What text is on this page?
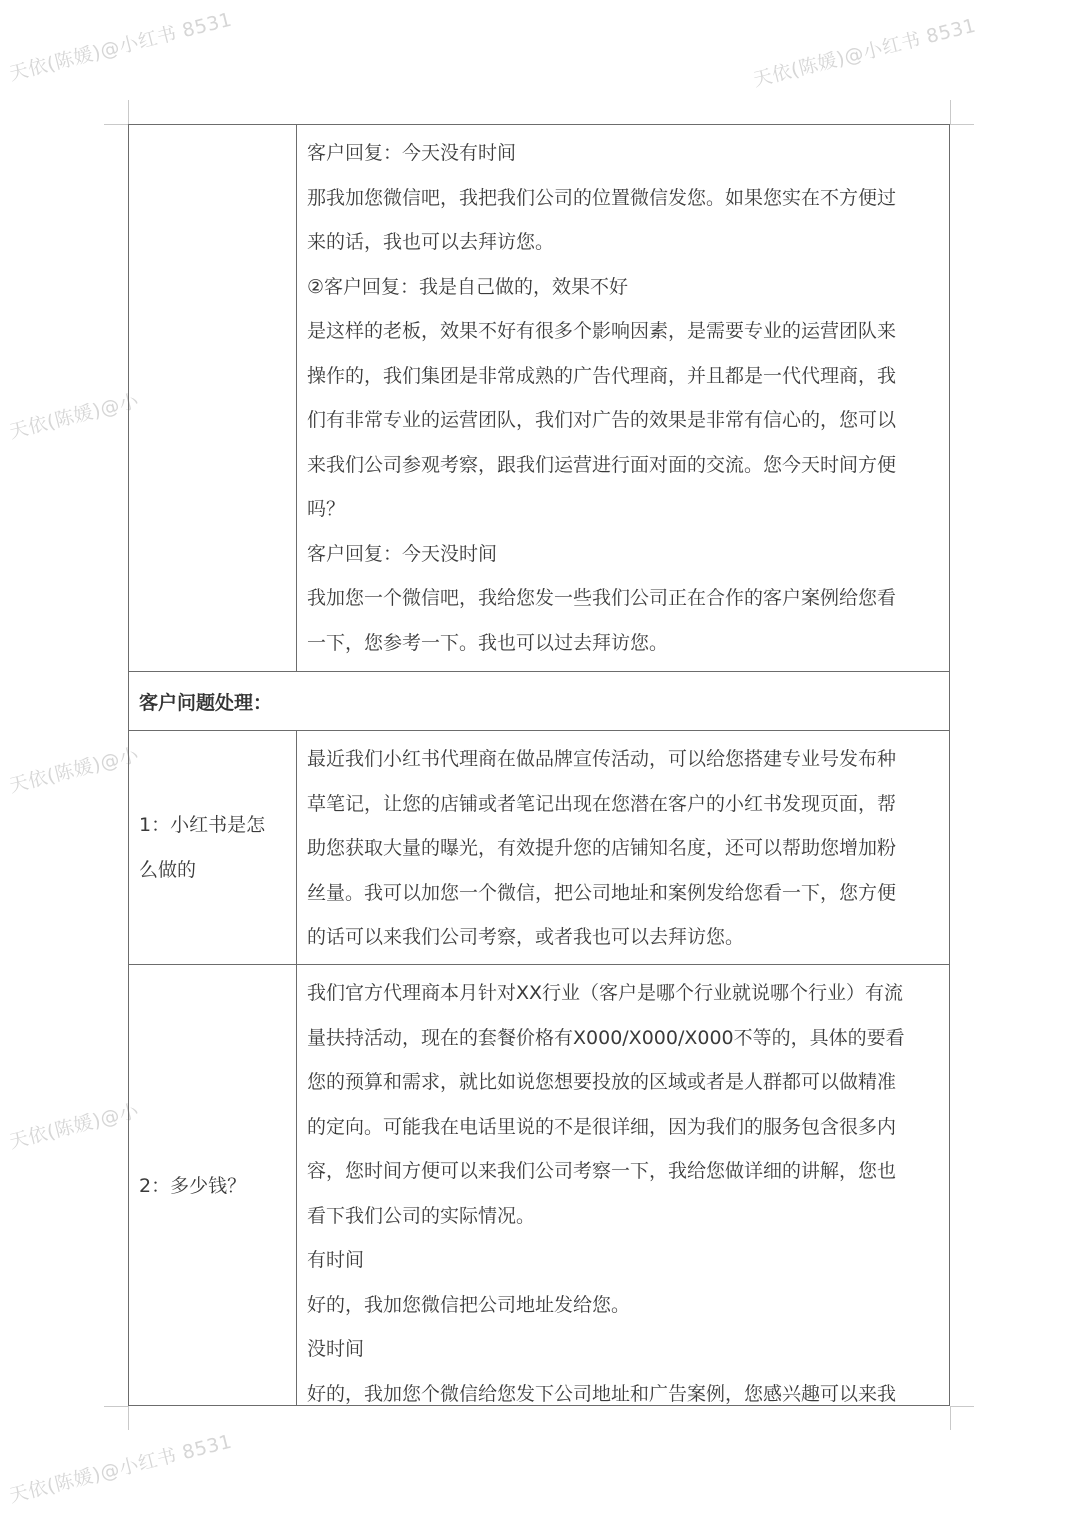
天依(陈媛)@小红书 8531	天依(陈媛)@小红书 8531
天依(陈媛)@小
天依(陈媛)@小
天依(陈媛)@小
天依(陈媛)@小红书 8531
客户回复：今天没有时间
那我加您微信吧，我把我们公司的位置微信发您。如果您实在不方便过
来的话，我也可以去拜访您。
②客户回复：我是自己做的，效果不好
是这样的老板，效果不好有很多个影响因素，是需要专业的运营团队来
操作的，我们集团是非常成熟的广告代理商，并且都是一代代理商，我
们有非常专业的运营团队，我们对广告的效果是非常有信心的，您可以
来我们公司参观考察，跟我们运营进行面对面的交流。您今天时间方便
吗？
客户回复：今天没时间
我加您一个微信吧，我给您发一些我们公司正在合作的客户案例给您看
一下，您参考一下。我也可以过去拜访您。
客户问题处理：
1：小红书是怎
么做的
最近我们小红书代理商在做品牌宣传活动，可以给您搭建专业号发布种
草笔记，让您的店铺或者笔记出现在您潜在客户的小红书发现页面，帮
助您获取大量的曝光，有效提升您的店铺知名度，还可以帮助您增加粉
丝量。我可以加您一个微信，把公司地址和案例发给您看一下，您方便
的话可以来我们公司考察，或者我也可以去拜访您。
2：多少钱？
我们官方代理商本月针对XX行业（客户是哪个行业就说哪个行业）有流
量扶持活动，现在的套餐价格有X000/X000/X000不等的，具体的要看
您的预算和需求，就比如说您想要投放的区域或者是人群都可以做精准
的定向。可能我在电话里说的不是很详细，因为我们的服务包含很多内
容，您时间方便可以来我们公司考察一下，我给您做详细的讲解，您也
看下我们公司的实际情况。
有时间
好的，我加您微信把公司地址发给您。
没时间
好的，我加您个微信给您发下公司地址和广告案例，您感兴趣可以来我
